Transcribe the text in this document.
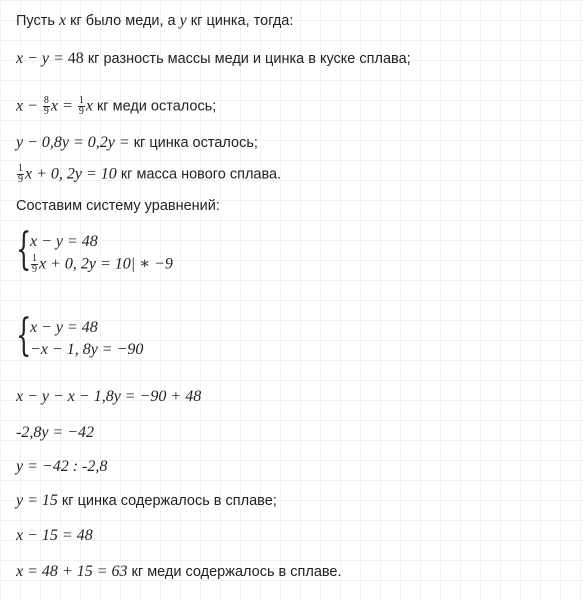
Пусть x кг было меди, а y кг цинка, тогда:
x − y = 48 кг разность массы меди и цинка в куске сплава;
$x - \frac{8}{9}$ $x = \frac{1}{9}$ x кг меди осталось;
y − 0,8y = 0,2y = кг цинка осталось;
$\frac{1}{9}$ x + 0, 2y = 10 кг масса нового сплава.
Составим систему уравнений:
{
x − y = 48
$\frac{1}{9}$ x + 0, 2y = 10| ∗ −9
{
x − y = 48
−x − 1, 8y = −90
x − y − x − 1,8y = −90 + 48
-2,8y = −42
y = −42 : -2,8
y = 15 кг цинка содержалось в сплаве;
x − 15 = 48
x = 48 + 15 = 63 кг меди содержалось в сплаве.
